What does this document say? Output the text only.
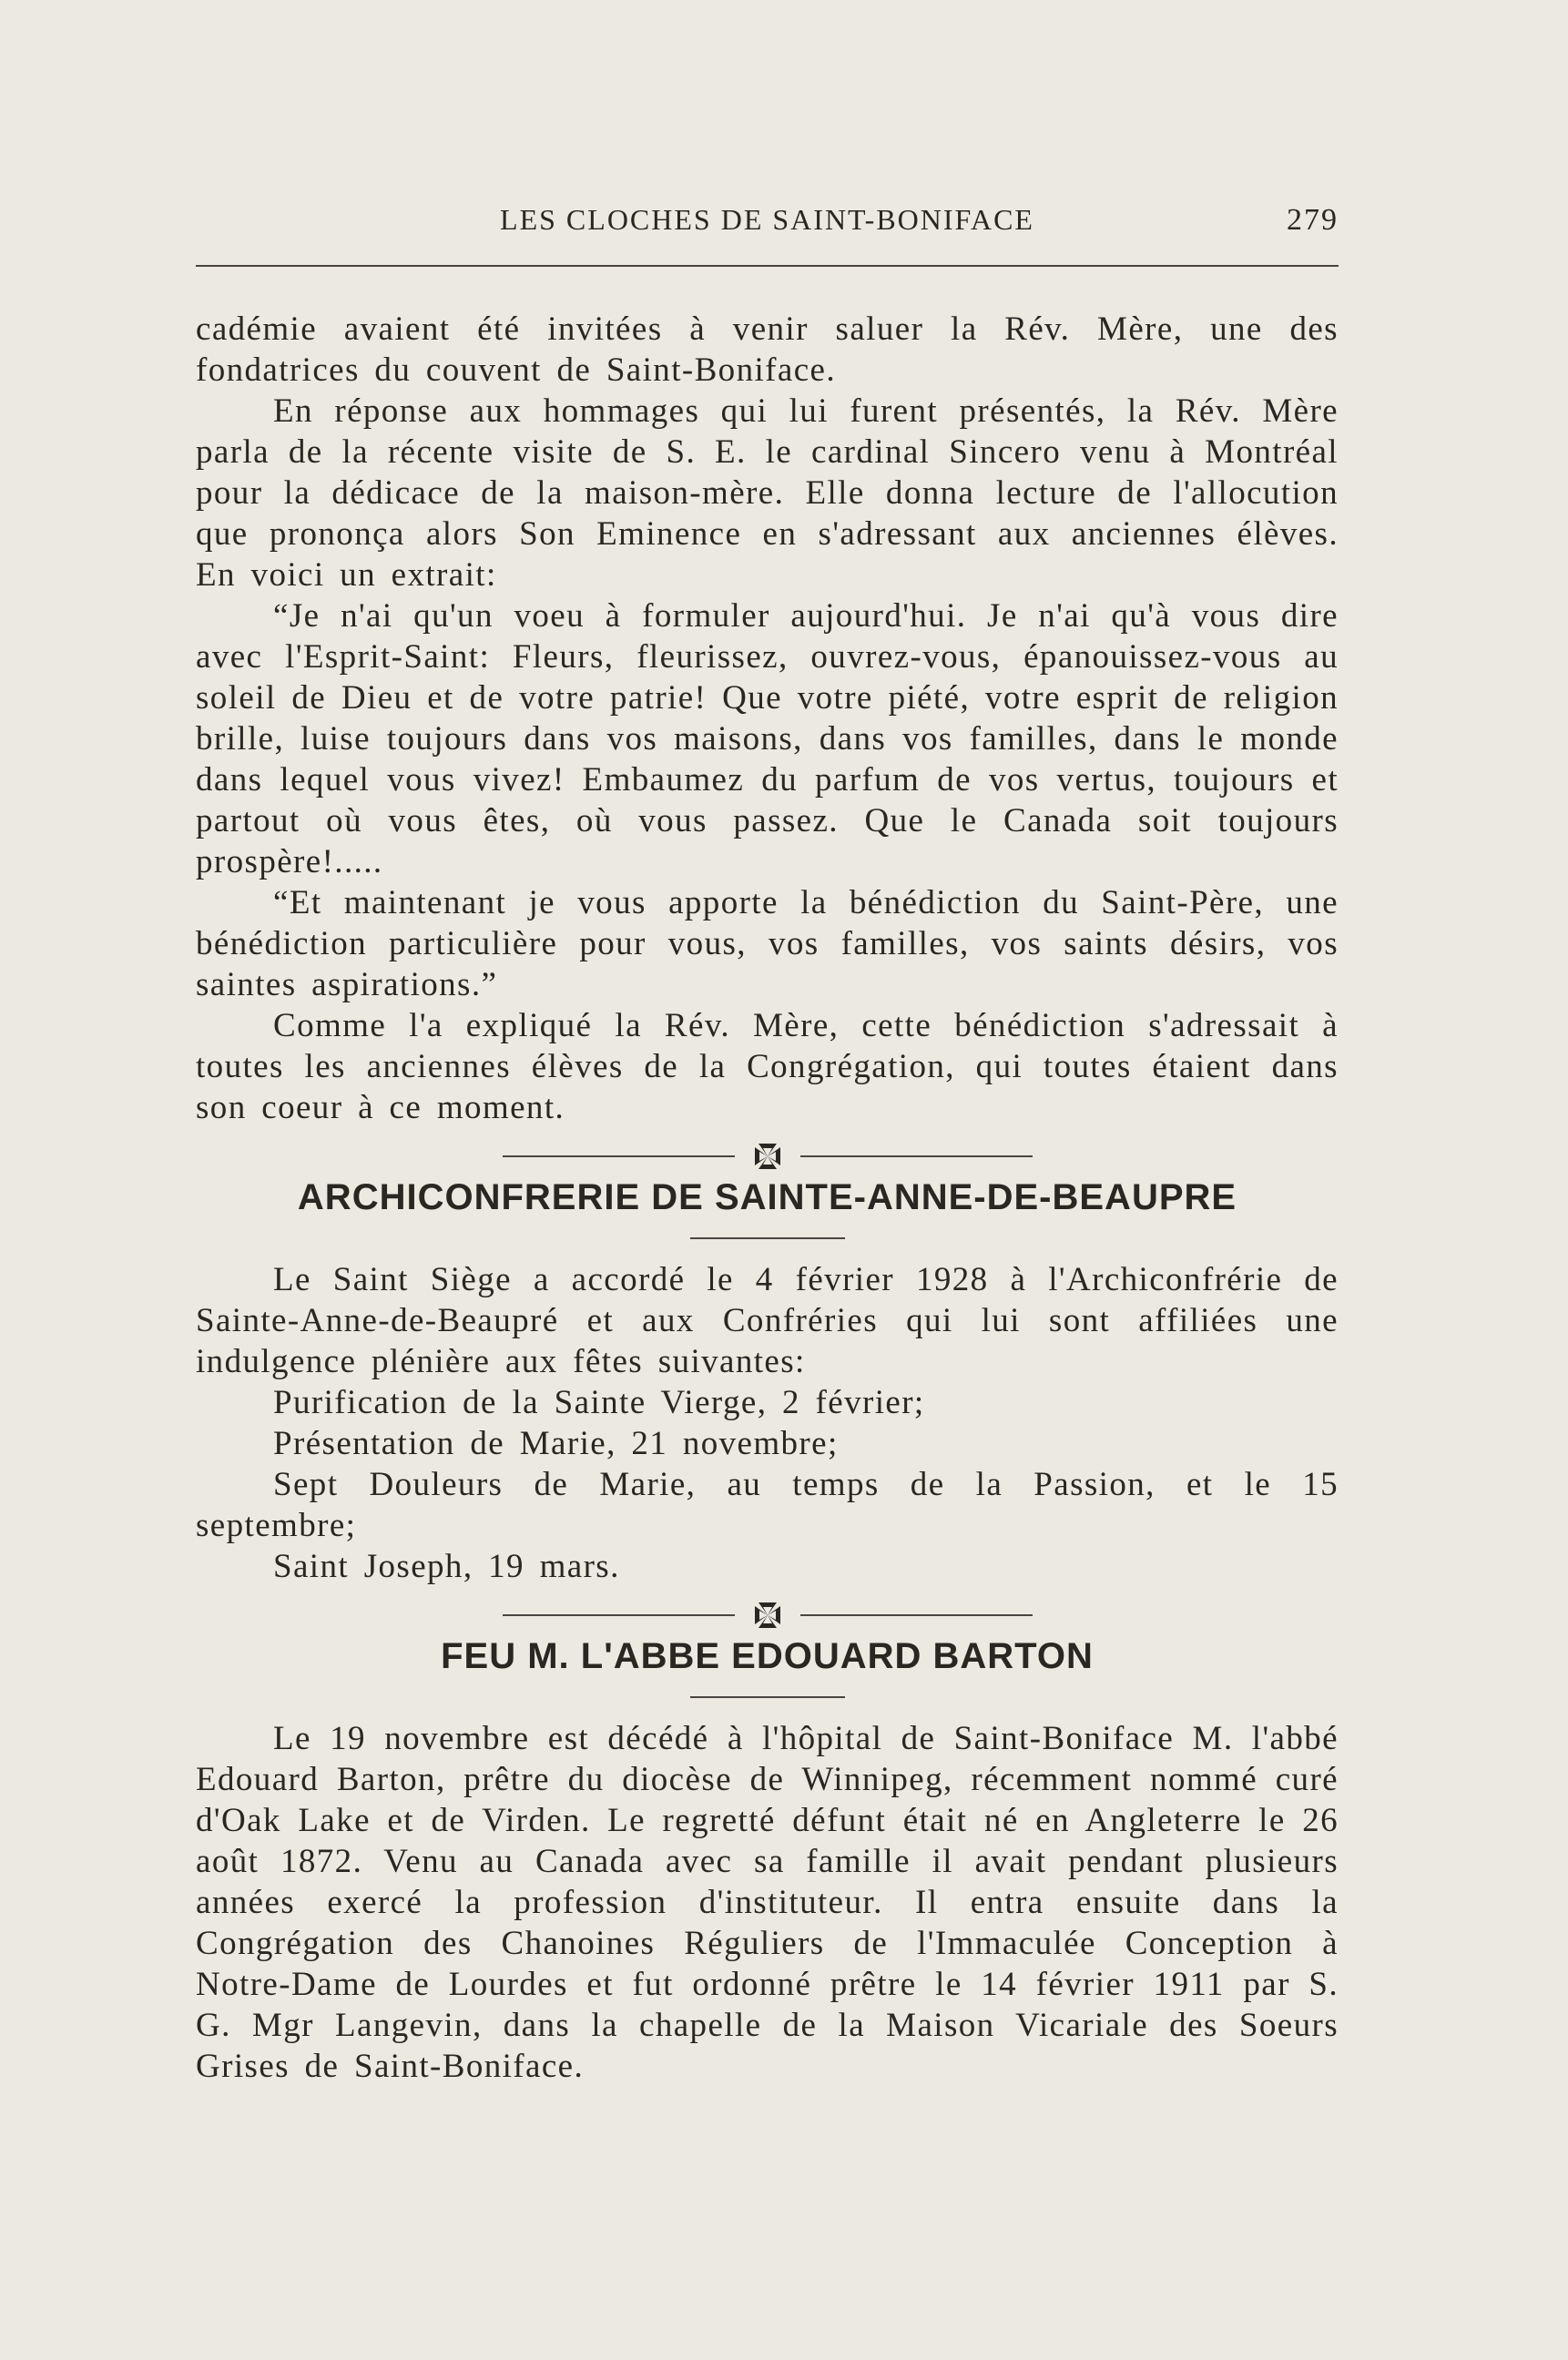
LES CLOCHES DE SAINT-BONIFACE	279

cadémie avaient été invitées à venir saluer la Rév. Mère, une des fondatrices du couvent de Saint-Boniface.

En réponse aux hommages qui lui furent présentés, la Rév. Mère parla de la récente visite de S. E. le cardinal Sincero venu à Montréal pour la dédicace de la maison-mère. Elle donna lecture de l'allocution que prononça alors Son Eminence en s'adressant aux anciennes élèves. En voici un extrait:

“Je n'ai qu'un voeu à formuler aujourd'hui. Je n'ai qu'à vous dire avec l'Esprit-Saint: Fleurs, fleurissez, ouvrez-vous, épanouissez-vous au soleil de Dieu et de votre patrie! Que votre piété, votre esprit de religion brille, luise toujours dans vos maisons, dans vos familles, dans le monde dans lequel vous vivez! Embaumez du parfum de vos vertus, toujours et partout où vous êtes, où vous passez. Que le Canada soit toujours prospère!.....

“Et maintenant je vous apporte la bénédiction du Saint-Père, une bénédiction particulière pour vous, vos familles, vos saints désirs, vos saintes aspirations.”

Comme l'a expliqué la Rév. Mère, cette bénédiction s'adressait à toutes les anciennes élèves de la Congrégation, qui toutes étaient dans son coeur à ce moment.

ARCHICONFRERIE DE SAINTE-ANNE-DE-BEAUPRE

Le Saint Siège a accordé le 4 février 1928 à l'Archiconfrérie de Sainte-Anne-de-Beaupré et aux Confréries qui lui sont affiliées une indulgence plénière aux fêtes suivantes:

Purification de la Sainte Vierge, 2 février;

Présentation de Marie, 21 novembre;

Sept Douleurs de Marie, au temps de la Passion, et le 15 septembre;

Saint Joseph, 19 mars.

FEU M. L'ABBE EDOUARD BARTON

Le 19 novembre est décédé à l'hôpital de Saint-Boniface M. l'abbé Edouard Barton, prêtre du diocèse de Winnipeg, récemment nommé curé d'Oak Lake et de Virden. Le regretté défunt était né en Angleterre le 26 août 1872. Venu au Canada avec sa famille il avait pendant plusieurs années exercé la profession d'instituteur. Il entra ensuite dans la Congrégation des Chanoines Réguliers de l'Immaculée Conception à Notre-Dame de Lourdes et fut ordonné prêtre le 14 février 1911 par S. G. Mgr Langevin, dans la chapelle de la Maison Vicariale des Soeurs Grises de Saint-Boniface.
